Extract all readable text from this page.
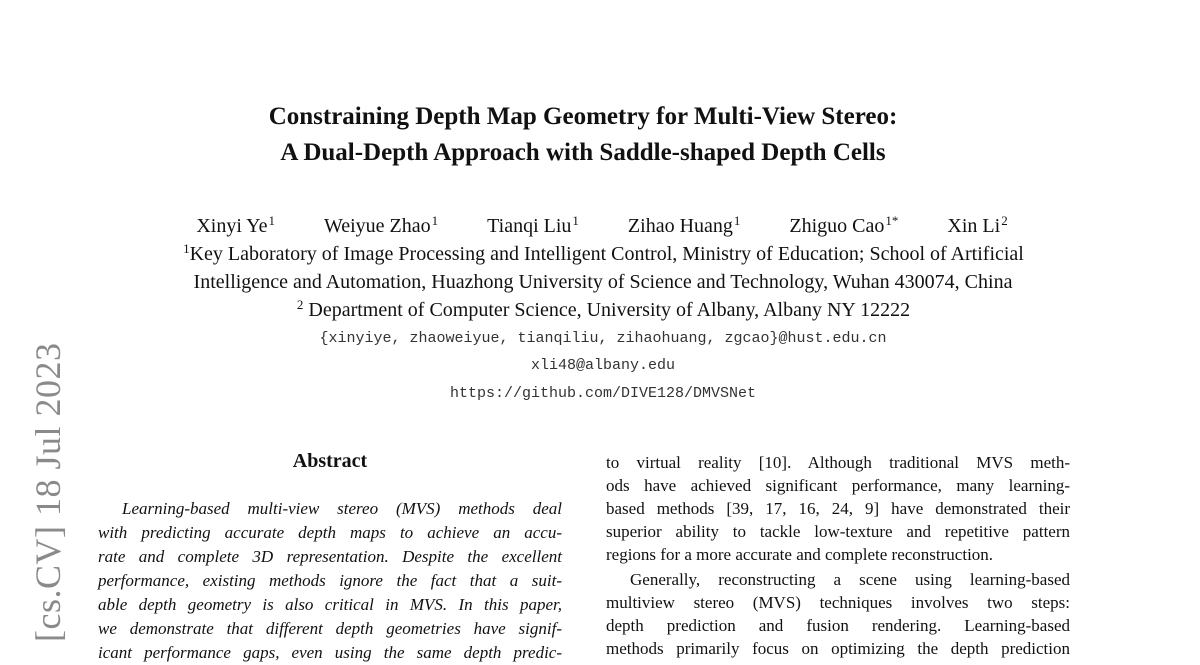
[cs.CV] 18 Jul 2023
Constraining Depth Map Geometry for Multi-View Stereo:
A Dual-Depth Approach with Saddle-shaped Depth Cells
Xinyi Ye$^1$ Weiyue Zhao$^1$ Tianqi Liu$^1$ Zihao Huang$^1$ Zhiguo Cao$^{1*}$ Xin Li$^2$
$^1$Key Laboratory of Image Processing and Intelligent Control, Ministry of Education; School of Artificial
Intelligence and Automation, Huazhong University of Science and Technology, Wuhan 430074, China
$^2$ Department of Computer Science, University of Albany, Albany NY 12222
{xinyiye, zhaoweiyue, tianqiliu, zihaohuang, zgcao}@hust.edu.cn
xli48@albany.edu
https://github.com/DIVE128/DMVSNet
Abstract
Learning-based multi-view stereo (MVS) methods deal
with predicting accurate depth maps to achieve an accu-
rate and complete 3D representation. Despite the excellent
performance, existing methods ignore the fact that a suit-
able depth geometry is also critical in MVS. In this paper,
we demonstrate that different depth geometries have signif-
icant performance gaps, even using the same depth predic-
to virtual reality [10]. Although traditional MVS meth-
ods have achieved significant performance, many learning-
based methods [39, 17, 16, 24, 9] have demonstrated their
superior ability to tackle low-texture and repetitive pattern
regions for a more accurate and complete reconstruction.
Generally, reconstructing a scene using learning-based
multiview stereo (MVS) techniques involves two steps:
depth prediction and fusion rendering. Learning-based
methods primarily focus on optimizing the depth prediction
